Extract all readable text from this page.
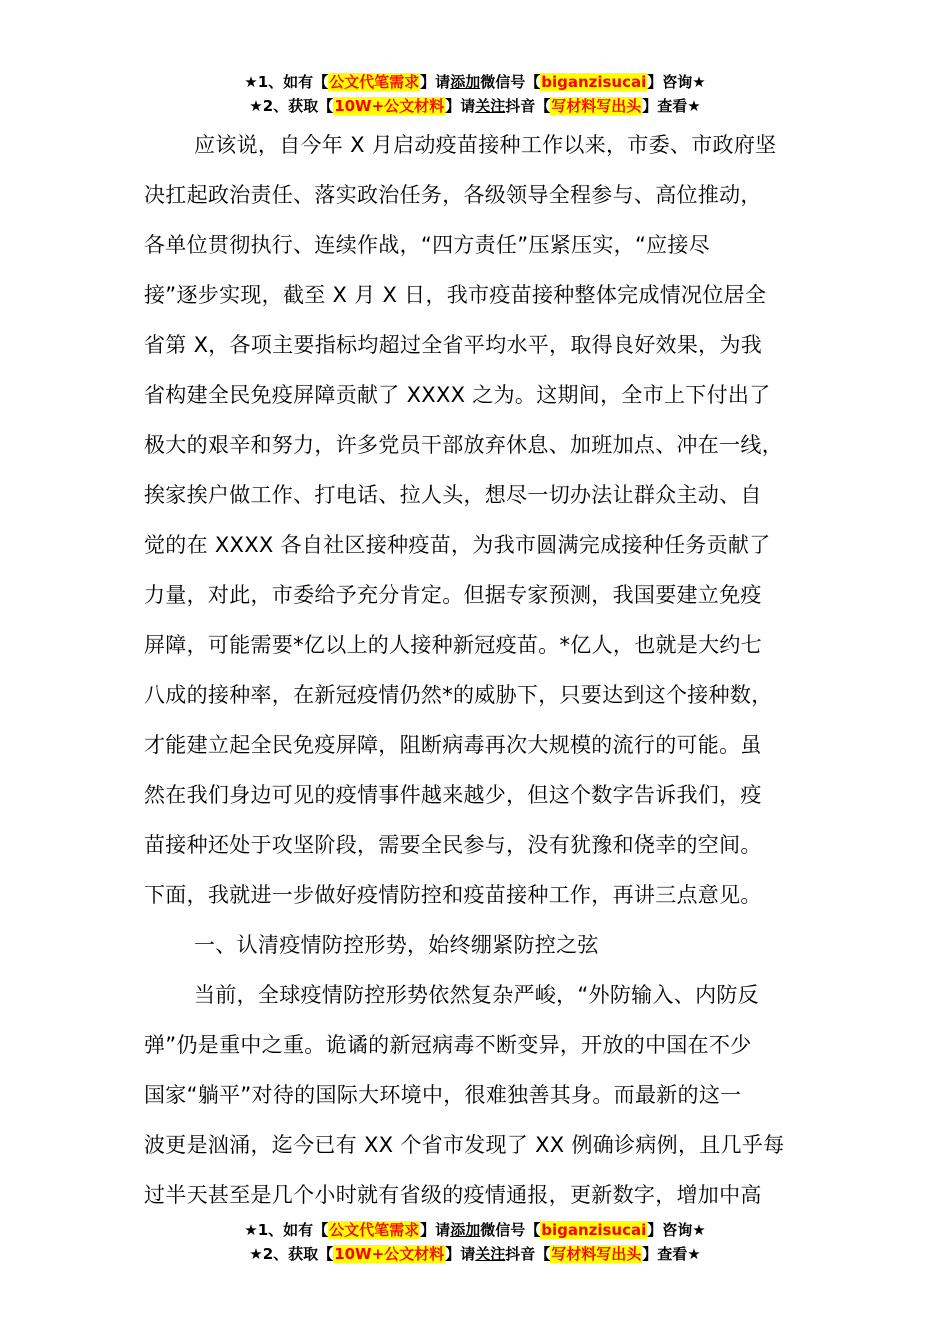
★1、如有【公文代笔需求】请添加微信号【biganzisucai】咨询★
★2、获取【10W+公文材料】请关注抖音【写材料写出头】查看★
应该说，自今年 X 月启动疫苗接种工作以来，市委、市政府坚
决扛起政治责任、落实政治任务，各级领导全程参与、高位推动，
各单位贯彻执行、连续作战，“四方责任”压紧压实，“应接尽
接”逐步实现，截至 X 月 X 日，我市疫苗接种整体完成情况位居全
省第 X，各项主要指标均超过全省平均水平，取得良好效果，为我
省构建全民免疫屏障贡献了 XXXX 之为。这期间，全市上下付出了
极大的艰辛和努力，许多党员干部放弃休息、加班加点、冲在一线，
挨家挨户做工作、打电话、拉人头，想尽一切办法让群众主动、自
觉的在 XXXX 各自社区接种疫苗，为我市圆满完成接种任务贡献了
力量，对此，市委给予充分肯定。但据专家预测，我国要建立免疫
屏障，可能需要*亿以上的人接种新冠疫苗。*亿人，也就是大约七
八成的接种率，在新冠疫情仍然*的威胁下，只要达到这个接种数，
才能建立起全民免疫屏障，阻断病毒再次大规模的流行的可能。虽
然在我们身边可见的疫情事件越来越少，但这个数字告诉我们，疫
苗接种还处于攻坚阶段，需要全民参与，没有犹豫和侥幸的空间。
下面，我就进一步做好疫情防控和疫苗接种工作，再讲三点意见。
一、认清疫情防控形势，始终绷紧防控之弦
当前，全球疫情防控形势依然复杂严峻，“外防输入、内防反
弹”仍是重中之重。诡谲的新冠病毒不断变异，开放的中国在不少
国家“躺平”对待的国际大环境中，很难独善其身。而最新的这一
波更是汹涌，迄今已有 XX 个省市发现了 XX 例确诊病例，且几乎每
过半天甚至是几个小时就有省级的疫情通报，更新数字，增加中高
★1、如有【公文代笔需求】请添加微信号【biganzisucai】咨询★
★2、获取【10W+公文材料】请关注抖音【写材料写出头】查看★
